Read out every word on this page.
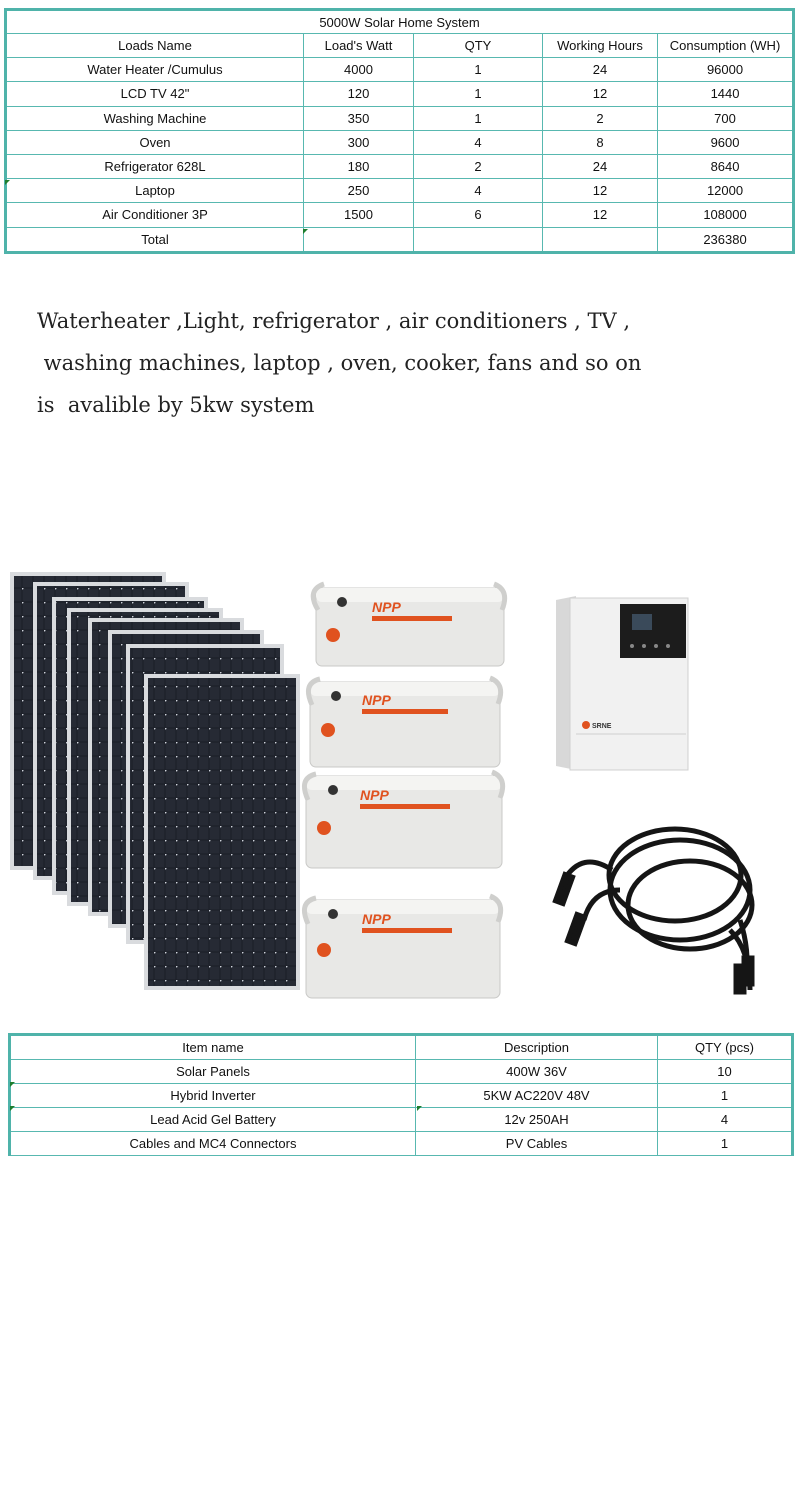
5000W Solar Home System				
Loads Name	Load's Watt	QTY	Working Hours	Consumption (WH)
Water Heater /Cumulus	4000	1	24	96000
LCD TV 42"	120	1	12	1440
Washing Machine	350	1	2	700
Oven	300	4	8	9600
Refrigerator 628L	180	2	24	8640
Laptop	250	4	12	12000
Air Conditioner 3P	1500	6	12	108000
Total				236380
Waterheater ,Light, refrigerator , air conditioners , TV ,
washing machines, laptop , oven, cooker, fans and so on
is  avalible by 5kw system
NPP
NPP
NPP
NPP
SRNE
Item name	Description	QTY (pcs)
Solar Panels	400W 36V	10
Hybrid Inverter	5KW AC220V 48V	1
Lead Acid Gel Battery	12v 250AH	4
Cables and MC4 Connectors	PV Cables	1
